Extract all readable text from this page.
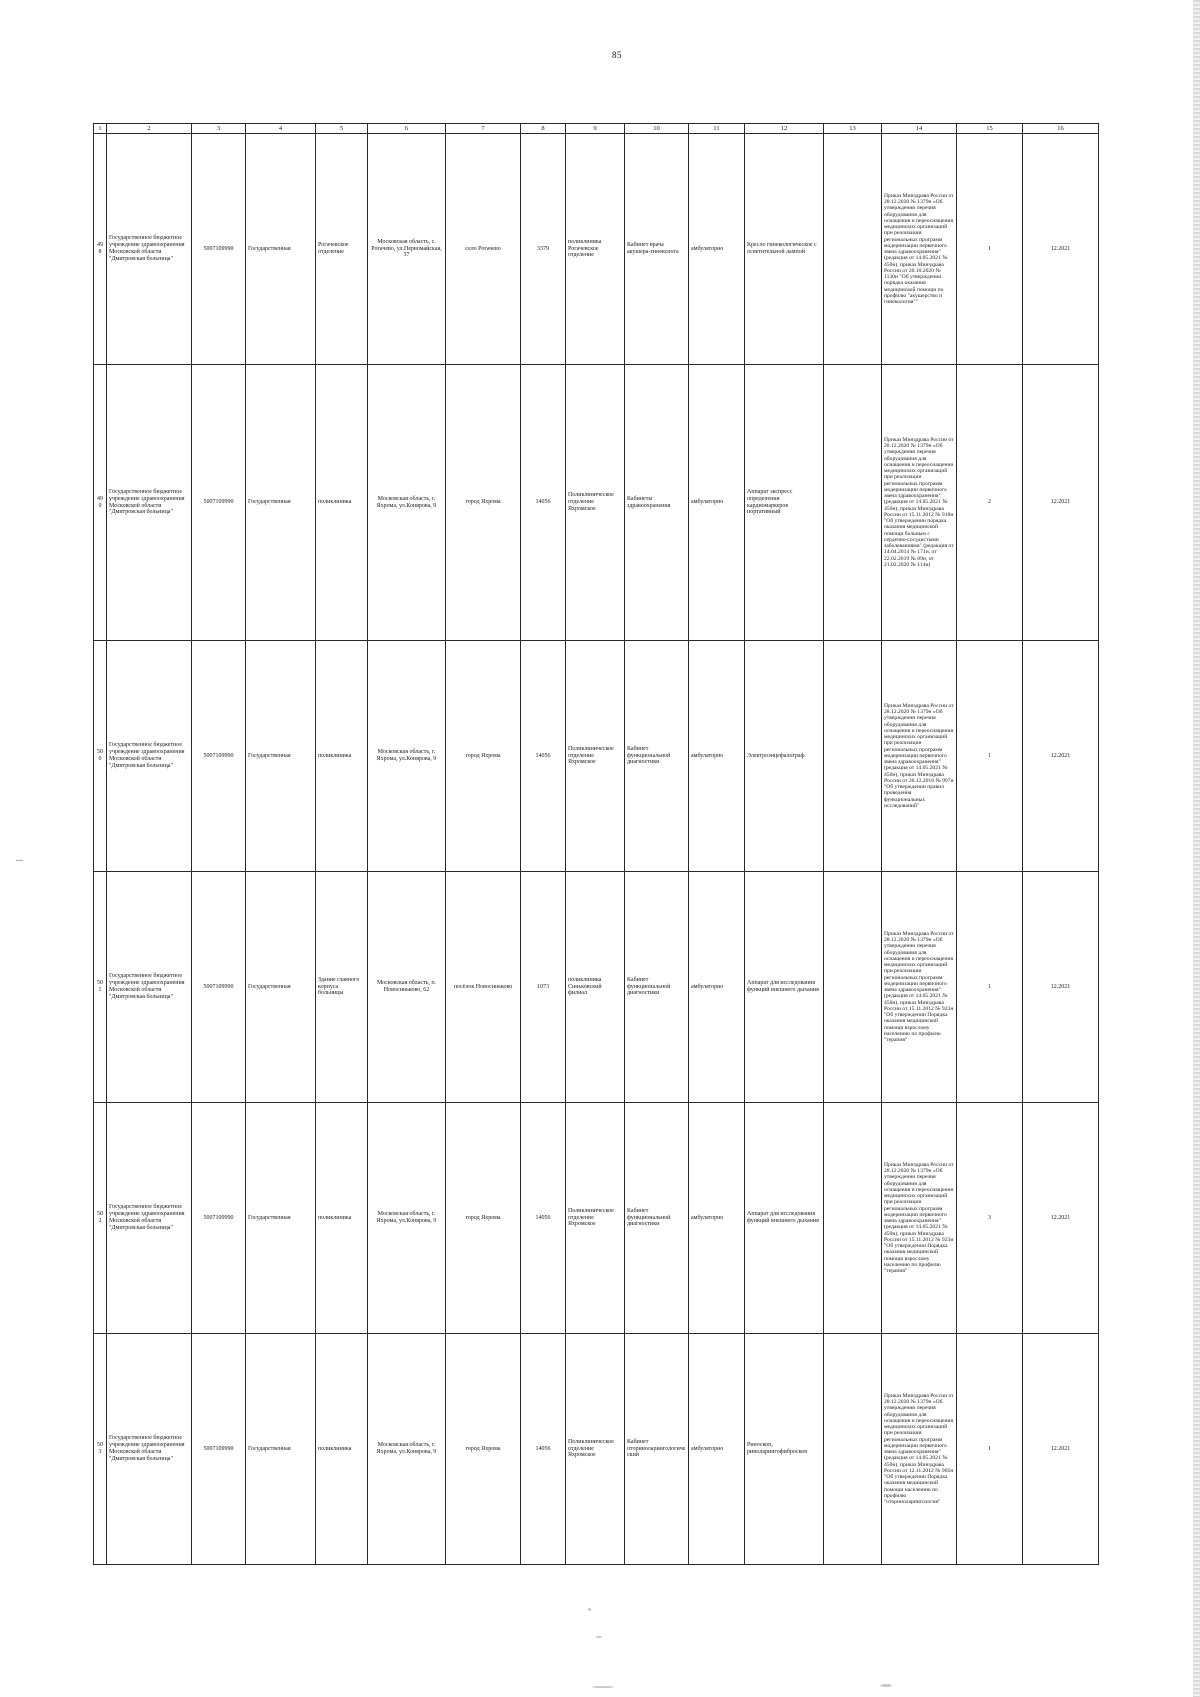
85
1	2	3	4	5	6	7	8	9	10	11	12	13	14	15	16
498	Государственное бюджетное учреждение здравоохранения Московской области "Дмитровская больница"	5007109990	Государственная	Рогачевское отделение	Московская область, с. Рогачево, ул.Первомайская, 37	село Рогачево	3379	поликлиника Рогачевское отделение	Кабинет врача акушера-гинеколога	амбулаторно	Кресло гинекологическое с осветительной лампой		Приказ Минздрава России от 28.12.2020 № 1379н «Об утверждении перечня оборудования для оснащения и переоснащения медицинских организаций при реализации региональных программ модернизации первичного звена здравоохранения"(редакция от 14.05.2021 № 450н), приказ Минздрава России от 20.10.2020 № 1130н "Об утверждении порядка оказания медицинской помощи по профилю "акушерство и гинекология""	1	12.2021
499	Государственное бюджетное учреждение здравоохранения Московской области "Дмитровская больница"	5007109990	Государственная	поликлиника	Московская область, г. Яхрома, ул.Конярова, 9	город Яхрома	14056	Поликлиническое отделение Яхромское	Кабинеты здравоохранения	амбулаторно	Аппарат экспресс определения кардиомаркеров портативный		Приказ Минздрава России от 28.12.2020 № 1379н «Об утверждении перечня оборудования для оснащения и переоснащения медицинских организаций при реализации региональных программ модернизации первичного звена здравоохранения"(редакция от 14.05.2021 № 450н), приказ Минздрава России от 15.11.2012 № 918н "Об утверждении порядка оказания медицинской помощи больным с сердечно-сосудистыми заболеваниями" (редакция от 14.04.2014 № 171н, от 22.02.2019 № 89н, от 21.02.2020 № 114н)	2	12.2021
500	Государственное бюджетное учреждение здравоохранения Московской области "Дмитровская больница"	5007109990	Государственная	поликлиника	Московская область, г. Яхрома, ул.Конярова, 9	город Яхрома	14056	Поликлиническое отделение Яхромское	Кабинет функциональной диагностики	амбулаторно	Электроэнцефалограф		Приказ Минздрава России от 28.12.2020 № 1379н «Об утверждении перечня оборудования для оснащения и переоснащения медицинских организаций при реализации региональных программ модернизации первичного звена здравоохранения"(редакция от 14.05.2021 № 450н), приказ Минздрава России от 26.12.2016 № 997н "Об утверждении правил проведения функциональных исследований"	1	12.2021
501	Государственное бюджетное учреждение здравоохранения Московской области "Дмитровская больница"	5007109990	Государственная	Здание главного корпуса больницы	Московская область, п. Новосиньково, 62	посёлок Новосиньково	1073	поликлиника Синьковский филиал	Кабинет функциональной диагностики	амбулаторно	Аппарат для исследования функций внешнего дыхания		Приказ Минздрава России от 28.12.2020 № 1379н «Об утверждении перечня оборудования для оснащения и переоснащения медицинских организаций при реализации региональных программ модернизации первичного звена здравоохранения"(редакция от 14.05.2021 № 450н), приказ Минздрава России от 15.11.2012 № 923н "Об утверждении Порядка оказания медицинской помощи взрослому населению по профилю "терапия"	1	12.2021
502	Государственное бюджетное учреждение здравоохранения Московской области "Дмитровская больница"	5007109990	Государственная	поликлиника	Московская область, г. Яхрома, ул.Конярова, 9	город Яхрома	14056	Поликлиническое отделение Яхромское	Кабинет функциональной диагностики	амбулаторно	Аппарат для исследования функций внешнего дыхания		Приказ Минздрава России от 28.12.2020 № 1379н «Об утверждении перечня оборудования для оснащения и переоснащения медицинских организаций при реализации региональных программ модернизации первичного звена здравоохранения"(редакция от 14.05.2021 № 450н), приказ Минздрава России от 15.11.2012 № 923н "Об утверждении Порядка оказания медицинской помощи взрослому населению по профилю "терапия"	3	12.2021
503	Государственное бюджетное учреждение здравоохранения Московской области "Дмитровская больница"	5007109990	Государственная	поликлиника	Московская область, г. Яхрома, ул.Конярова, 9	город Яхрома	14056	Поликлиническое отделение Яхромское	Кабинет оториноларингологический	амбулаторно	Риноскоп, риноларингофиброскоп		Приказ Минздрава России от 28.12.2020 № 1379н «Об утверждении перечня оборудования для оснащения и переоснащения медицинских организаций при реализации региональных программ модернизации первичного звена здравоохранения"(редакция от 14.05.2021 № 450н), приказ Минздрава России от 12.11.2012 № 905н "Об утверждении Порядка оказания медицинской помощи населению по профилю "оториноларингология"	1	12.2021
